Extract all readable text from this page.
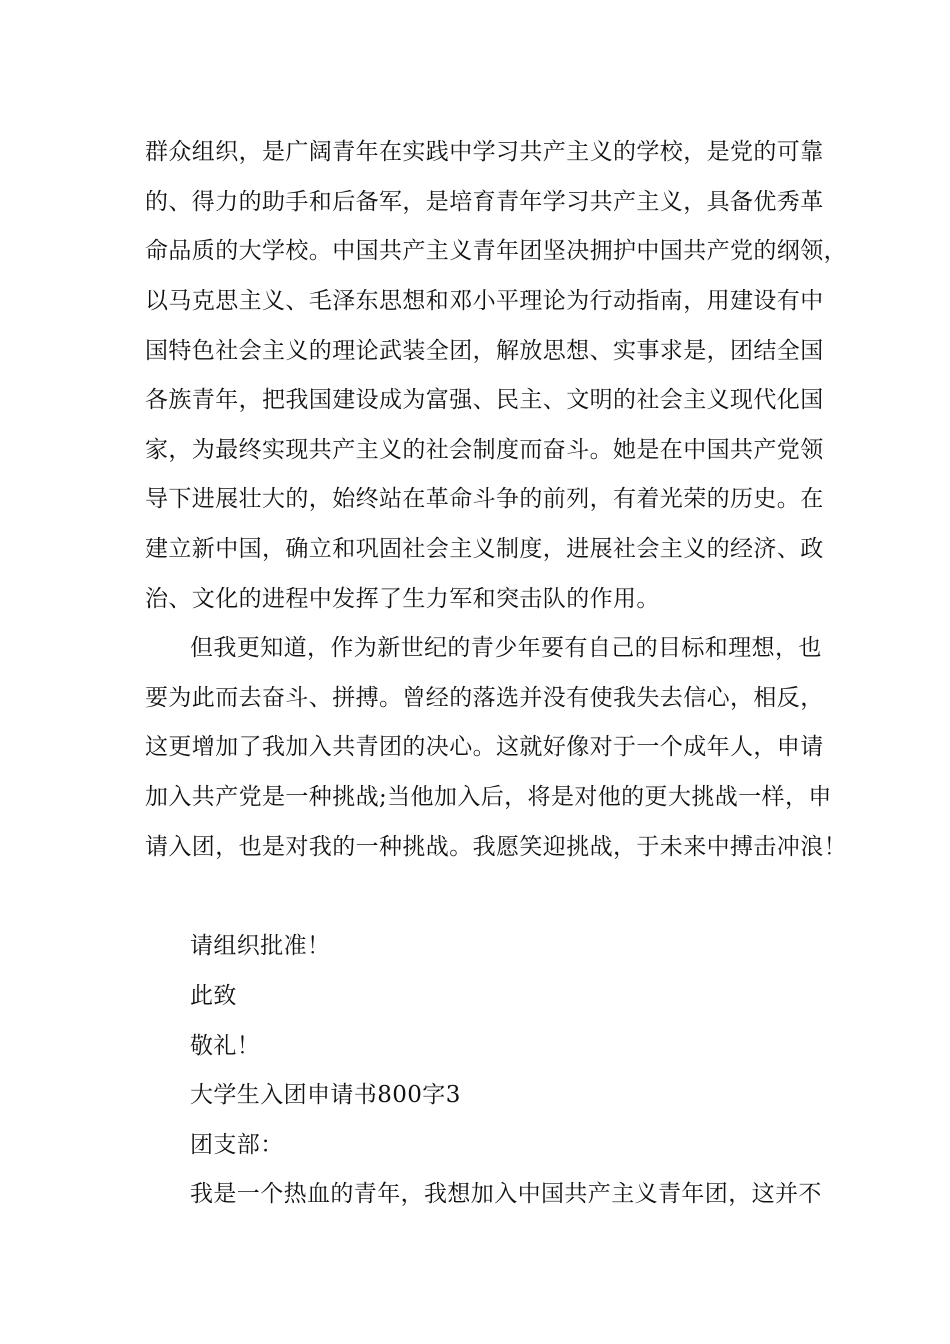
群众组织，是广阔青年在实践中学习共产主义的学校，是党的可靠
的、得力的助手和后备军，是培育青年学习共产主义，具备优秀革
命品质的大学校。中国共产主义青年团坚决拥护中国共产党的纲领，
以马克思主义、毛泽东思想和邓小平理论为行动指南，用建设有中
国特色社会主义的理论武装全团，解放思想、实事求是，团结全国
各族青年，把我国建设成为富强、民主、文明的社会主义现代化国
家，为最终实现共产主义的社会制度而奋斗。她是在中国共产党领
导下进展壮大的，始终站在革命斗争的前列，有着光荣的历史。在
建立新中国，确立和巩固社会主义制度，进展社会主义的经济、政
治、文化的进程中发挥了生力军和突击队的作用。
但我更知道，作为新世纪的青少年要有自己的目标和理想，也
要为此而去奋斗、拼搏。曾经的落选并没有使我失去信心，相反，
这更增加了我加入共青团的决心。这就好像对于一个成年人，申请
加入共产党是一种挑战;当他加入后，将是对他的更大挑战一样，申
请入团，也是对我的一种挑战。我愿笑迎挑战，于未来中搏击冲浪！
请组织批准！
此致
敬礼！
大学生入团申请书800字3
团支部：
我是一个热血的青年，我想加入中国共产主义青年团，这并不
